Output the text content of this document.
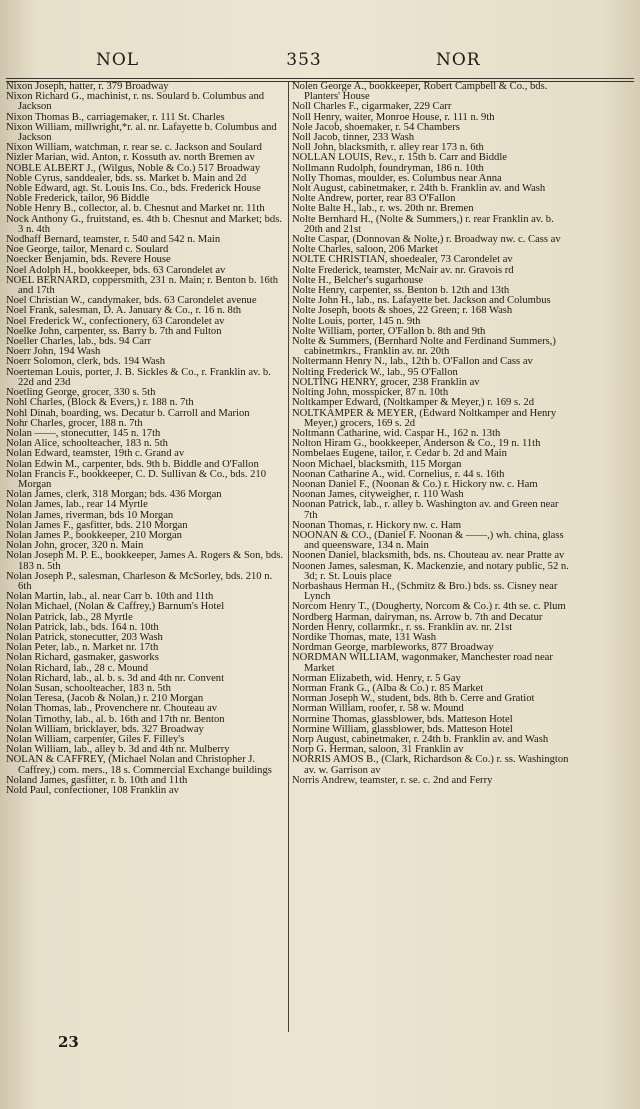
NOL	353	NOR

Nixon Joseph, hatter, r. 379 Broadway

Nixon Richard G., machinist, r. ns. Soulard b. Columbus and Jackson

Nixon Thomas B., carriagemaker, r. 111 St. Charles

Nixon William, millwright,*r. al. nr. Lafayette b. Columbus and Jackson

Nixon William, watchman, r. rear se. c. Jackson and Soulard

Nizler Marian, wid. Anton, r. Kossuth av. north Bremen av

NOBLE ALBERT J., (Wilgus, Noble & Co.) 517 Broadway

Noble Cyrus, sanddealer, bds. ss. Market b. Main and 2d

Noble Edward, agt. St. Louis Ins. Co., bds. Frederick House

Noble Frederick, tailor, 96 Biddle

Noble Henry B., collector, al. b. Chesnut and Market nr. 11th

Nock Anthony G., fruitstand, es. 4th b. Chesnut and Market; bds. 3 n. 4th

Nodhaff Bernard, teamster, r. 540 and 542 n. Main

Noe George, tailor, Menard c. Soulard

Noecker Benjamin, bds. Revere House

Noel Adolph H., bookkeeper, bds. 63 Carondelet av

NOEL BERNARD, coppersmith, 231 n. Main; r. Benton b. 16th and 17th

Noel Christian W., candymaker, bds. 63 Carondelet avenue

Noel Frank, salesman, D. A. January & Co., r. 16 n. 8th

Noel Frederick W., confectionery, 63 Carondelet av

Noelke John, carpenter, ss. Barry b. 7th and Fulton

Noeller Charles, lab., bds. 94 Carr

Noerr John, 194 Wash

Noerr Solomon, clerk, bds. 194 Wash

Noerteman Louis, porter, J. B. Sickles & Co., r. Franklin av. b. 22d and 23d

Noetling George, grocer, 330 s. 5th

Nohl Charles, (Block & Evers,) r. 188 n. 7th

Nohl Dinah, boarding, ws. Decatur b. Carroll and Marion

Nohr Charles, grocer, 188 n. 7th

Nolan ——, stonecutter, 145 n. 17th

Nolan Alice, schoolteacher, 183 n. 5th

Nolan Edward, teamster, 19th c. Grand av

Nolan Edwin M., carpenter, bds. 9th b. Biddle and O'Fallon

Nolan Francis F., bookkeeper, C. D. Sullivan & Co., bds. 210 Morgan

Nolan James, clerk, 318 Morgan; bds. 436 Morgan

Nolan James, lab., rear 14 Myrtle

Nolan James, riverman, bds 10 Morgan

Nolan James F., gasfitter, bds. 210 Morgan

Nolan James P., bookkeeper, 210 Morgan

Nolan John, grocer, 320 n. Main

Nolan Joseph M. P. E., bookkeeper, James A. Rogers & Son, bds. 183 n. 5th

Nolan Joseph P., salesman, Charleson & McSorley, bds. 210 n. 6th

Nolan Martin, lab., al. near Carr b. 10th and 11th

Nolan Michael, (Nolan & Caffrey,) Barnum's Hotel

Nolan Patrick, lab., 28 Myrtle

Nolan Patrick, lab., bds. 164 n. 10th

Nolan Patrick, stonecutter, 203 Wash

Nolan Peter, lab., n. Market nr. 17th

Nolan Richard, gasmaker, gasworks

Nolan Richard, lab., 28 c. Mound

Nolan Richard, lab., al. b. s. 3d and 4th nr. Convent

Nolan Susan, schoolteacher, 183 n. 5th

Nolan Teresa, (Jacob & Nolan,) r. 210 Morgan

Nolan Thomas, lab., Provenchere nr. Chouteau av

Nolan Timothy, lab., al. b. 16th and 17th nr. Benton

Nolan William, bricklayer, bds. 327 Broadway

Nolan William, carpenter, Giles F. Filley's

Nolan William, lab., alley b. 3d and 4th nr. Mulberry

NOLAN & CAFFREY, (Michael Nolan and Christopher J. Caffrey,) com. mers., 18 s. Commercial Exchange buildings

Noland James, gasfitter, r. b. 10th and 11th

Nold Paul, confectioner, 108 Franklin av

Nolen George A., bookkeeper, Robert Campbell & Co., bds. Planters' House

Noll Charles F., cigarmaker, 229 Carr

Noll Henry, waiter, Monroe House, r. 111 n. 9th

Nole Jacob, shoemaker, r. 54 Chambers

Noll Jacob, tinner, 233 Wash

Noll John, blacksmith, r. alley rear 173 n. 6th

NOLLAN LOUIS, Rev., r. 15th b. Carr and Biddle

Nollmann Rudolph, foundryman, 186 n. 10th

Nolly Thomas, moulder, es. Columbus near Anna

Nolt August, cabinetmaker, r. 24th b. Franklin av. and Wash

Nolte Andrew, porter, rear 83 O'Fallon

Nolte Balte H., lab., r. ws. 20th nr. Bremen

Nolte Bernhard H., (Nolte & Summers,) r. rear Franklin av. b. 20th and 21st

Nolte Caspar, (Donnovan & Nolte,) r. Broadway nw. c. Cass av

Nolte Charles, saloon, 206 Market

NOLTE CHRISTIAN, shoedealer, 73 Carondelet av

Nolte Frederick, teamster, McNair av. nr. Gravois rd

Nolte H., Belcher's sugarhouse

Nolte Henry, carpenter, ss. Benton b. 12th and 13th

Nolte John H., lab., ns. Lafayette bet. Jackson and Columbus

Nolte Joseph, boots & shoes, 22 Green; r. 168 Wash

Nolte Louis, porter, 145 n. 9th

Nolte William, porter, O'Fallon b. 8th and 9th

Nolte & Summers, (Bernhard Nolte and Ferdinand Summers,) cabinetmkrs., Franklin av. nr. 20th

Noltermann Henry N., lab., 12th b. O'Fallon and Cass av

Nolting Frederick W., lab., 95 O'Fallon

NOLTING HENRY, grocer, 238 Franklin av

Nolting John, mosspicker, 87 n. 10th

Noltkamper Edward, (Noltkamper & Meyer,) r. 169 s. 2d

NOLTKAMPER & MEYER, (Edward Noltkamper and Henry Meyer,) grocers, 169 s. 2d

Noltmann Catharine, wid. Caspar H., 162 n. 13th

Nolton Hiram G., bookkeeper, Anderson & Co., 19 n. 11th

Nombelaes Eugene, tailor, r. Cedar b. 2d and Main

Noon Michael, blacksmith, 115 Morgan

Noonan Catharine A., wid. Cornelius, r. 44 s. 16th

Noonan Daniel F., (Noonan & Co.) r. Hickory nw. c. Ham

Noonan James, cityweigher, r. 110 Wash

Noonan Patrick, lab., r. alley b. Washington av. and Green near 7th

Noonan Thomas, r. Hickory nw. c. Ham

NOONAN & CO., (Daniel F. Noonan & ——,) wh. china, glass and queensware, 134 n. Main

Noonen Daniel, blacksmith, bds. ns. Chouteau av. near Pratte av

Noonen James, salesman, K. Mackenzie, and notary public, 52 n. 3d; r. St. Louis place

Norbashaus Herman H., (Schmitz & Bro.) bds. ss. Cisney near Lynch

Norcom Henry T., (Dougherty, Norcom & Co.) r. 4th se. c. Plum

Nordberg Harman, dairyman, ns. Arrow b. 7th and Decatur

Norden Henry, collarmkr., r. ss. Franklin av. nr. 21st

Nordike Thomas, mate, 131 Wash

Nordman George, marbleworks, 877 Broadway

NORDMAN WILLIAM, wagonmaker, Manchester road near Market

Norman Elizabeth, wid. Henry, r. 5 Gay

Norman Frank G., (Alba & Co.) r. 85 Market

Norman Joseph W., student, bds. 8th b. Cerre and Gratiot

Norman William, roofer, r. 58 w. Mound

Normine Thomas, glassblower, bds. Matteson Hotel

Normine William, glassblower, bds. Matteson Hotel

Norp August, cabinetmaker, r. 24th b. Franklin av. and Wash

Norp G. Herman, saloon, 31 Franklin av

NORRIS AMOS B., (Clark, Richardson & Co.) r. ss. Washington av. w. Garrison av

Norris Andrew, teamster, r. se. c. 2nd and Ferry

23
